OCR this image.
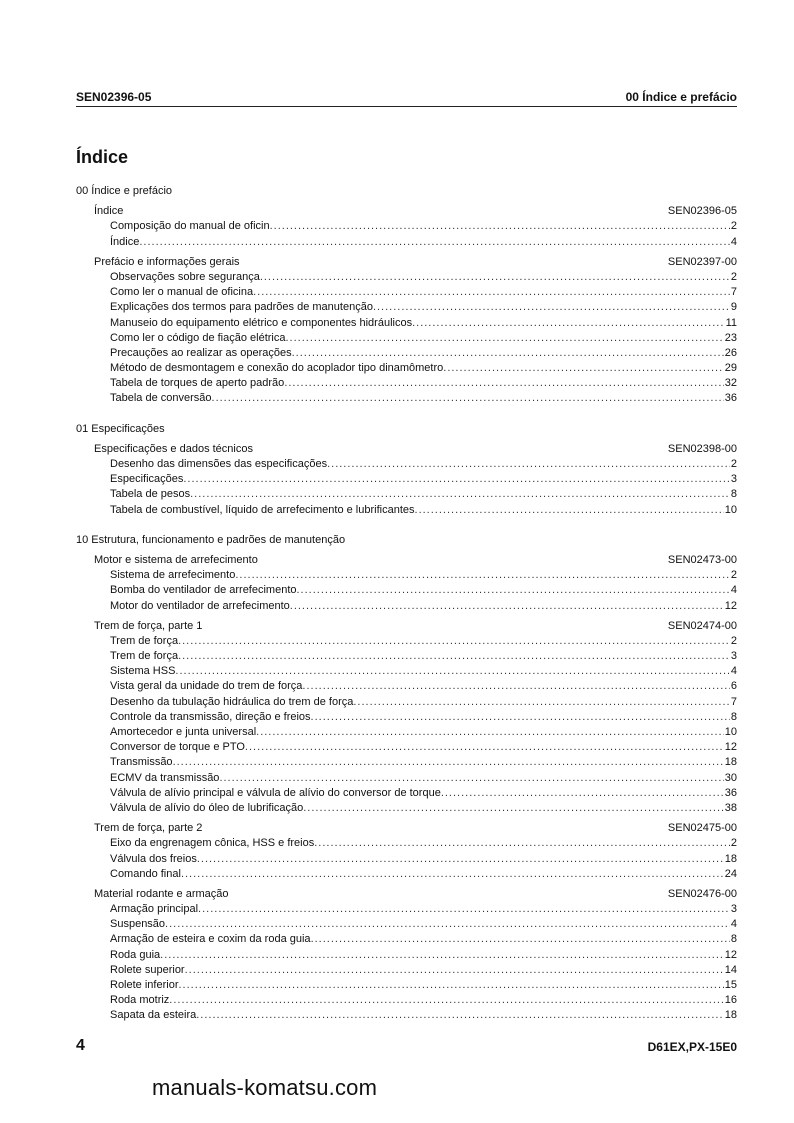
SEN02396-05	00 Índice e prefácio
Índice
00 Índice e prefácio
Índice	SEN02396-05
Composição do manual de oficin .....	2
Índice .....	4
Prefácio e informações gerais	SEN02397-00
Observações sobre segurança .....	2
Como ler o manual de oficina .....	7
Explicações dos termos para padrões de manutenção .....	9
Manuseio do equipamento elétrico e componentes hidráulicos .....	11
Como ler o código de fiação elétrica .....	23
Precauções ao realizar as operações .....	26
Método de desmontagem e conexão do acoplador tipo dinamômetro .....	29
Tabela de torques de aperto padrão .....	32
Tabela de conversão .....	36
01 Especificações
Especificações e dados técnicos	SEN02398-00
Desenho das dimensões das especificações .....	2
Especificações .....	3
Tabela de pesos .....	8
Tabela de combustível, líquido de arrefecimento e lubrificantes .....	10
10 Estrutura, funcionamento e padrões de manutenção
Motor e sistema de arrefecimento	SEN02473-00
Sistema de arrefecimento .....	2
Bomba do ventilador de arrefecimento .....	4
Motor do ventilador de arrefecimento .....	12
Trem de força, parte 1	SEN02474-00
Trem de força .....	2
Trem de força .....	3
Sistema HSS .....	4
Vista geral da unidade do trem de força .....	6
Desenho da tubulação hidráulica do trem de força .....	7
Controle da transmissão, direção e freios .....	8
Amortecedor e junta universal .....	10
Conversor de torque e PTO .....	12
Transmissão .....	18
ECMV da transmissão .....	30
Válvula de alívio principal e válvula de alívio do conversor de torque .....	36
Válvula de alívio do óleo de lubrificação .....	38
Trem de força, parte 2	SEN02475-00
Eixo da engrenagem cônica, HSS e freios .....	2
Válvula dos freios .....	18
Comando final .....	24
Material rodante e armação	SEN02476-00
Armação principal .....	3
Suspensão .....	4
Armação de esteira e coxim da roda guia .....	8
Roda guia .....	12
Rolete superior .....	14
Rolete inferior .....	15
Roda motriz .....	16
Sapata da esteira .....	18
4	D61EX,PX-15E0
manuals-komatsu.com
